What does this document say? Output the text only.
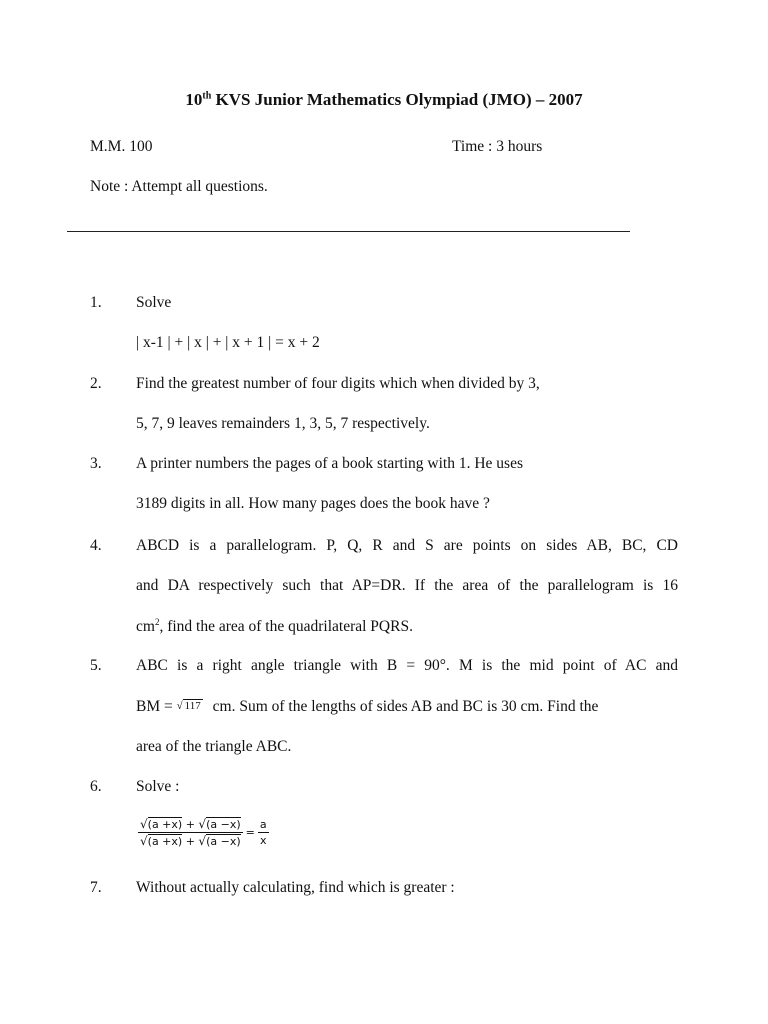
10th KVS Junior Mathematics Olympiad (JMO) – 2007
M.M. 100	Time : 3 hours
Note : Attempt all questions.
1. Solve
| x-1 | + | x | + | x + 1 | = x + 2
2. Find the greatest number of four digits which when divided by 3,
5, 7, 9 leaves remainders 1, 3, 5, 7 respectively.
3. A printer numbers the pages of a book starting with 1. He uses
3189 digits in all. How many pages does the book have ?
4. ABCD is a parallelogram. P, Q, R and S are points on sides AB, BC, CD
and DA respectively such that AP=DR. If the area of the parallelogram is 16
$cm^2$, find the area of the quadrilateral PQRS.
5. ABC is a right angle triangle with B = 90°. M is the mid point of AC and
BM = √ 117 cm. Sum of the lengths of sides AB and BC is 30 cm. Find the
area of the triangle ABC.
6. Solve :
$\frac{√(a +x) + √(a -x)}{√(a +x) + √(a -x)} = \frac{a}{x}$
7. Without actually calculating, find which is greater :
